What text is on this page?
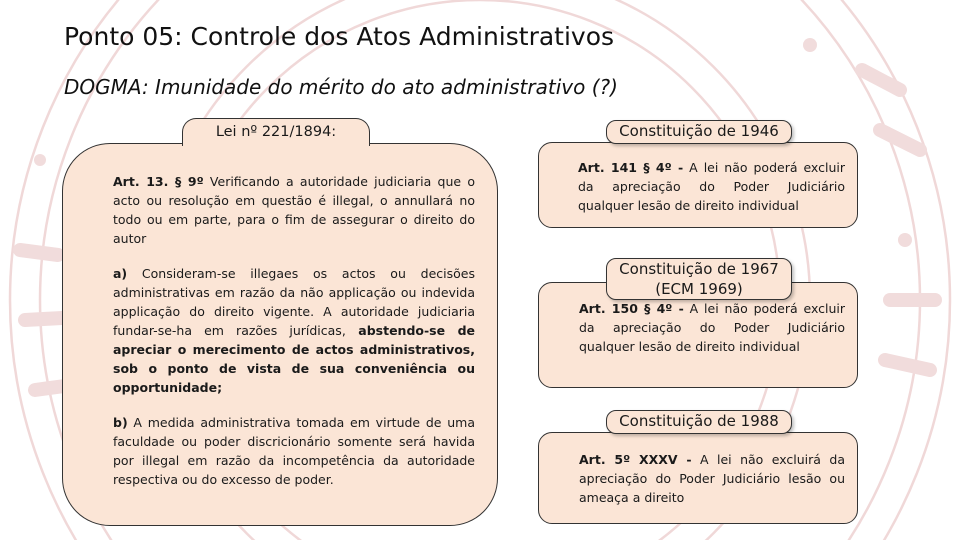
Ponto 05: Controle dos Atos Administrativos
DOGMA: Imunidade do mérito do ato administrativo (?)

Art. 13. § 9º Verificando a autoridade judiciaria que o acto ou resolução em questão é illegal, o annullará no todo ou em parte, para o fim de assegurar o direito do autor

a) Consideram-se illegaes os actos ou decisões administrativas em razão da não applicação ou indevida applicação do direito vigente. A autoridade judiciaria fundar-se-ha em razões jurídicas, abstendo-se de apreciar o merecimento de actos administrativos, sob o ponto de vista de sua conveniência ou opportunidade;

b) A medida administrativa tomada em virtude de uma faculdade ou poder discricionário somente será havida por illegal em razão da incompetência da autoridade respectiva ou do excesso de poder.

Lei nº 221/1894:

Art. 141 § 4º - A lei não poderá excluir da apreciação do Poder Judiciário qualquer lesão de direito individual

Constituição de 1946

Art. 150 § 4º - A lei não poderá excluir da apreciação do Poder Judiciário qualquer lesão de direito individual

Constituição de 1967
(ECM 1969)

Art. 5º XXXV - A lei não excluirá da apreciação do Poder Judiciário lesão ou ameaça a direito

Constituição de 1988
